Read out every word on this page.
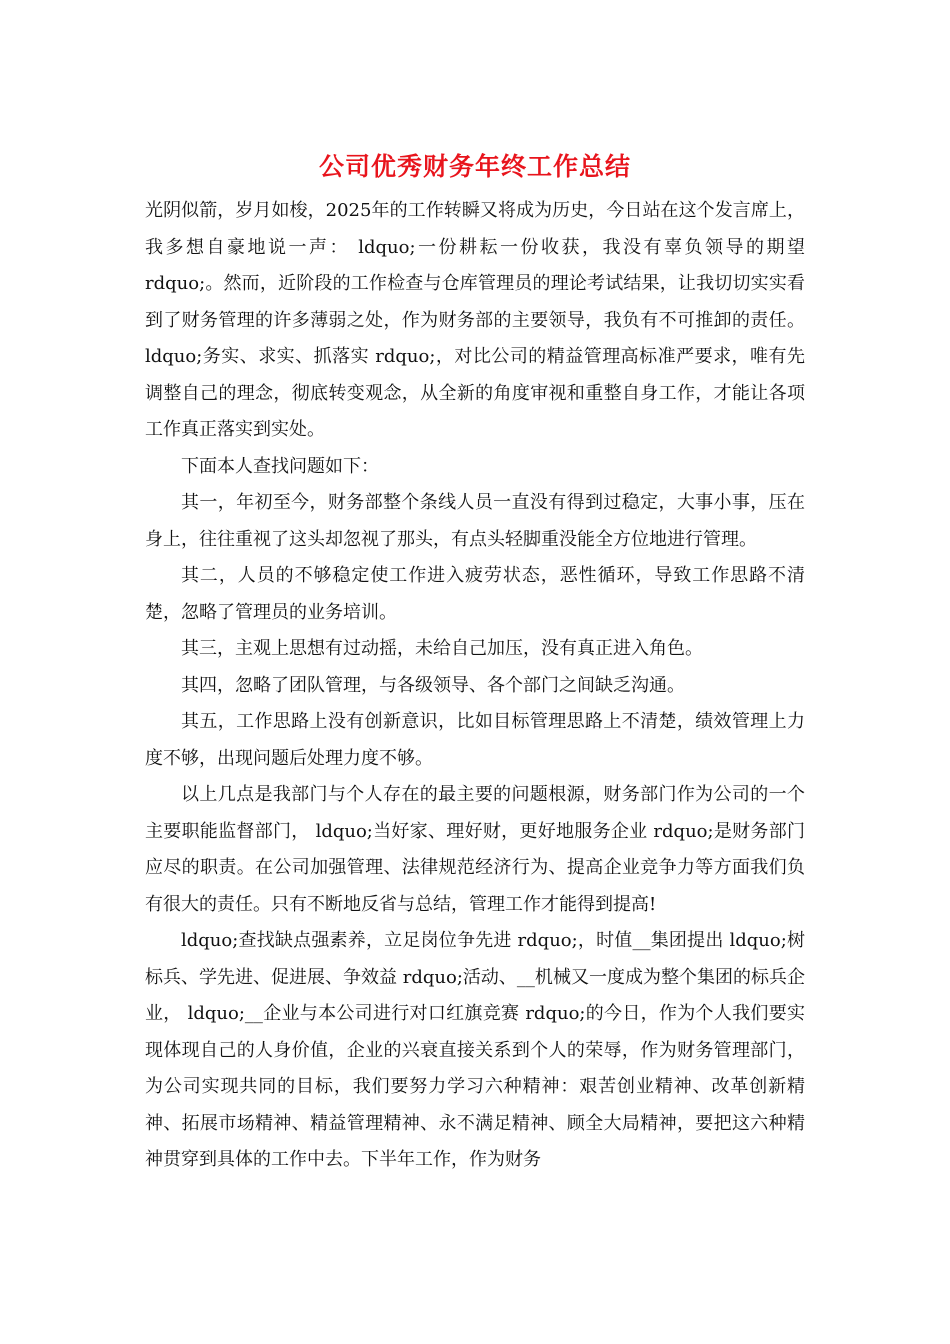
公司优秀财务年终工作总结

光阴似箭，岁月如梭，2025年的工作转瞬又将成为历史，今日站在这个发言席上，我多想自豪地说一声： ldquo;一份耕耘一份收获，我没有辜负领导的期望 rdquo;。然而，近阶段的工作检查与仓库管理员的理论考试结果，让我切切实实看到了财务管理的许多薄弱之处，作为财务部的主要领导，我负有不可推卸的责任。 ldquo;务实、求实、抓落实 rdquo;，对比公司的精益管理高标准严要求，唯有先调整自己的理念，彻底转变观念，从全新的角度审视和重整自身工作，才能让各项工作真正落实到实处。

下面本人查找问题如下：

其一，年初至今，财务部整个条线人员一直没有得到过稳定，大事小事，压在身上，往往重视了这头却忽视了那头，有点头轻脚重没能全方位地进行管理。

其二，人员的不够稳定使工作进入疲劳状态，恶性循环，导致工作思路不清楚，忽略了管理员的业务培训。

其三，主观上思想有过动摇，未给自己加压，没有真正进入角色。

其四，忽略了团队管理，与各级领导、各个部门之间缺乏沟通。

其五，工作思路上没有创新意识，比如目标管理思路上不清楚，绩效管理上力度不够，出现问题后处理力度不够。

以上几点是我部门与个人存在的最主要的问题根源，财务部门作为公司的一个主要职能监督部门， ldquo;当好家、理好财，更好地服务企业 rdquo;是财务部门应尽的职责。在公司加强管理、法律规范经济行为、提高企业竞争力等方面我们负有很大的责任。只有不断地反省与总结，管理工作才能得到提高!

ldquo;查找缺点强素养，立足岗位争先进 rdquo;，时值__集团提出 ldquo;树标兵、学先进、促进展、争效益 rdquo;活动、__机械又一度成为整个集团的标兵企业， ldquo;__企业与本公司进行对口红旗竞赛 rdquo;的今日，作为个人我们要实现体现自己的人身价值，企业的兴衰直接关系到个人的荣辱，作为财务管理部门，为公司实现共同的目标，我们要努力学习六种精神：艰苦创业精神、改革创新精神、拓展市场精神、精益管理精神、永不满足精神、顾全大局精神，要把这六种精神贯穿到具体的工作中去。下半年工作，作为财务
